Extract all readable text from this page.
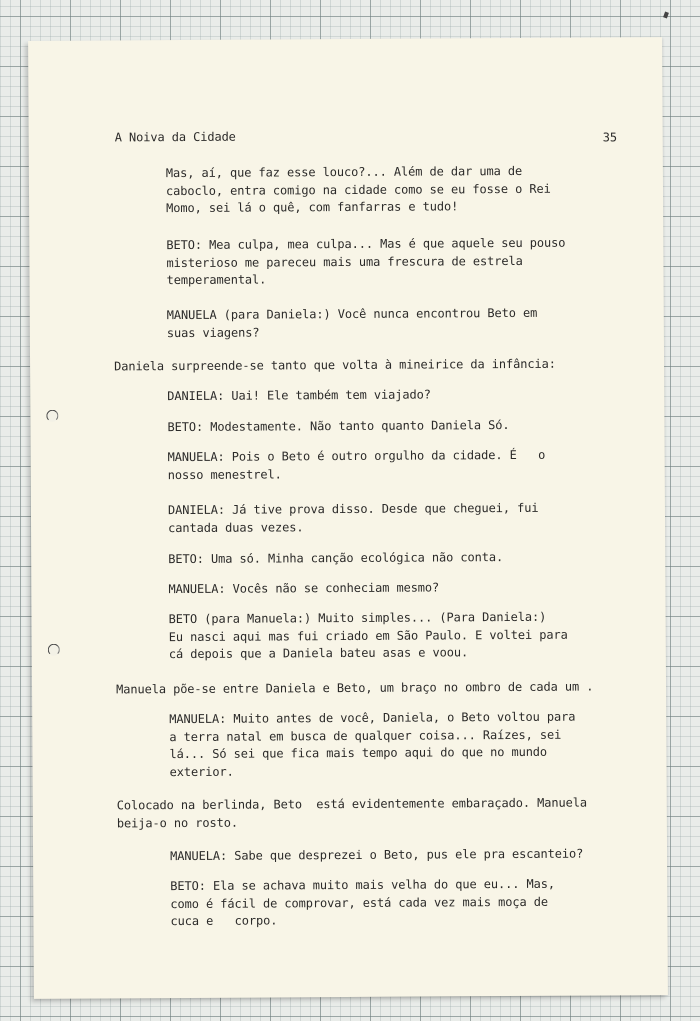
A Noiva da Cidade	35
Mas, aí, que faz esse louco?... Além de dar uma de
caboclo, entra comigo na cidade como se eu fosse o Rei
Momo, sei lá o quê, com fanfarras e tudo!
BETO: Mea culpa, mea culpa... Mas é que aquele seu pouso
misterioso me pareceu mais uma frescura de estrela
temperamental.
MANUELA (para Daniela:) Você nunca encontrou Beto em
suas viagens?
Daniela surpreende-se tanto que volta à mineirice da infância:
DANIELA: Uai! Ele também tem viajado?
BETO: Modestamente. Não tanto quanto Daniela Só.
MANUELA: Pois o Beto é outro orgulho da cidade. É   o
nosso menestrel.
DANIELA: Já tive prova disso. Desde que cheguei, fui
cantada duas vezes.
BETO: Uma só. Minha canção ecológica não conta.
MANUELA: Vocês não se conheciam mesmo?
BETO (para Manuela:) Muito simples... (Para Daniela:)
Eu nasci aqui mas fui criado em São Paulo. E voltei para
cá depois que a Daniela bateu asas e voou.
Manuela põe-se entre Daniela e Beto, um braço no ombro de cada um .
MANUELA: Muito antes de você, Daniela, o Beto voltou para
a terra natal em busca de qualquer coisa... Raízes, sei
lá... Só sei que fica mais tempo aqui do que no mundo
exterior.
Colocado na berlinda, Beto  está evidentemente embaraçado. Manuela
beija-o no rosto.
MANUELA: Sabe que desprezei o Beto, pus ele pra escanteio?
BETO: Ela se achava muito mais velha do que eu... Mas,
como é fácil de comprovar, está cada vez mais moça de
cuca e   corpo.
